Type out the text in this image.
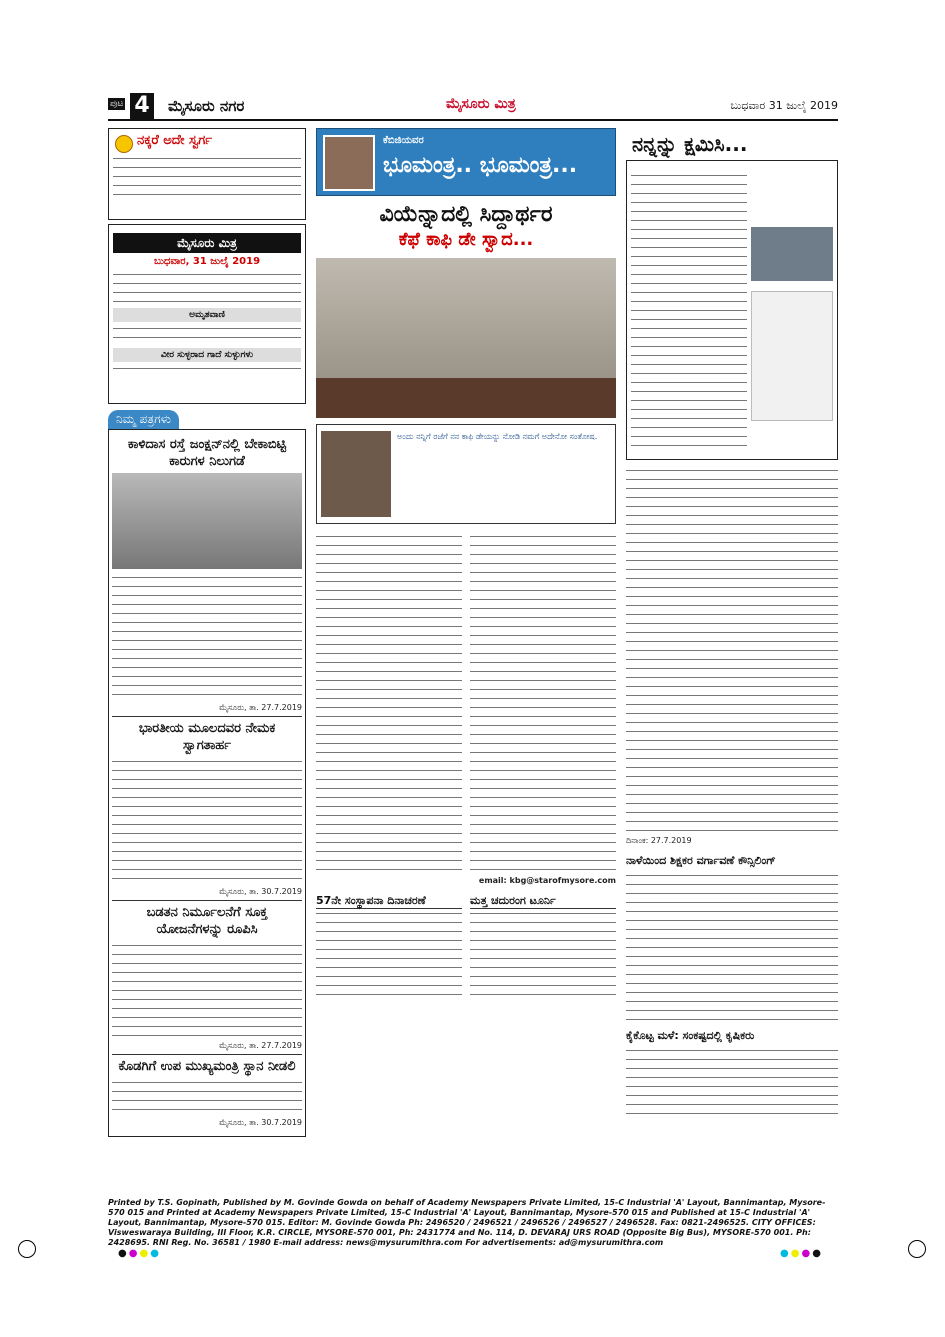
ಪುಟ 4 ಮೈಸೂರು ನಗರ	ಮೈಸೂರು ಮಿತ್ರ	ಬುಧವಾರ 31 ಜುಲೈ 2019
ನಕ್ಕರೆ ಅದೇ ಸ್ವರ್ಗ
ಮೈಸೂರು ಮಿತ್ರ
ಬುಧವಾರ, 31 ಜುಲೈ 2019
ಅಮೃತವಾಣಿ
ವೀರ ಸುಳ್ಳರಾದ ಗಾದೆ ಸುಳ್ಳುಗಳು
ನಿಮ್ಮ ಪತ್ರಗಳು
ಕಾಳಿದಾಸ ರಸ್ತೆ ಜಂಕ್ಷನ್‌ನಲ್ಲಿ ಬೇಕಾಬಿಟ್ಟಿ ಕಾರುಗಳ ನಿಲುಗಡೆ
ಮೈಸೂರು, ತಾ. 27.7.2019
ಭಾರತೀಯ ಮೂಲದವರ ನೇಮಕ ಸ್ವಾಗತಾರ್ಹ
ಮೈಸೂರು, ತಾ. 30.7.2019
ಬಡತನ ನಿರ್ಮೂಲನೆಗೆ ಸೂಕ್ತ ಯೋಜನೆಗಳನ್ನು ರೂಪಿಸಿ
ಮೈಸೂರು, ತಾ. 27.7.2019
ಕೊಡಗಿಗೆ ಉಪ ಮುಖ್ಯಮಂತ್ರಿ ಸ್ಥಾನ ನೀಡಲಿ
ಮೈಸೂರು, ತಾ. 30.7.2019
ಕೆಬಿಜಿಯವರ
ಭೂಮಂತ್ರ.. ಭೂಮಂತ್ರ...
ವಿಯೆನ್ನಾದಲ್ಲಿ ಸಿದ್ದಾರ್ಥರ
ಕೆಫೆ ಕಾಫಿ ಡೇ ಸ್ವಾದ...
ಅಂದು ನನ್ನಿಗೆ ರಜೆಗೆ ನನ ಕಾಫಿ ಡೇಯನ್ನು ನೋಡಿ ನಮಗೆ ಅದೇನೋ ಸಂತೋಷ.
email: kbg@starofmysore.com
57ನೇ ಸಂಸ್ಥಾಪನಾ ದಿನಾಚರಣೆ	ಮತ್ತ ಚದುರಂಗ ಟೂರ್ನಿ
ನನ್ನನ್ನು ಕ್ಷಮಿಸಿ...
ದಿನಾಂಕ: 27.7.2019
ನಾಳೆಯಿಂದ ಶಿಕ್ಷಕರ ವರ್ಗಾವಣೆ ಕೌನ್ಸಿಲಿಂಗ್
ಕೈಕೊಟ್ಟ ಮಳೆ: ಸಂಕಷ್ಟದಲ್ಲಿ ಕೃಷಿಕರು
Printed by T.S. Gopinath, Published by M. Govinde Gowda on behalf of Academy Newspapers Private Limited, 15-C Industrial 'A' Layout, Bannimantap, Mysore-570 015 and Printed at Academy Newspapers Private Limited, 15-C Industrial 'A' Layout, Bannimantap, Mysore-570 015 and Published at 15-C Industrial 'A' Layout, Bannimantap, Mysore-570 015. Editor: M. Govinde Gowda Ph: 2496520 / 2496521 / 2496526 / 2496527 / 2496528. Fax: 0821-2496525. CITY OFFICES: Visweswaraya Building, III Floor, K.R. CIRCLE, MYSORE-570 001, Ph: 2431774 and No. 114, D. DEVARAJ URS ROAD (Opposite Big Bus), MYSORE-570 001. Ph: 2428695. RNI Reg. No. 36581 / 1980 E-mail address: news@mysurumithra.com For advertisements: ad@mysurumithra.com
●●●●	●●●●
